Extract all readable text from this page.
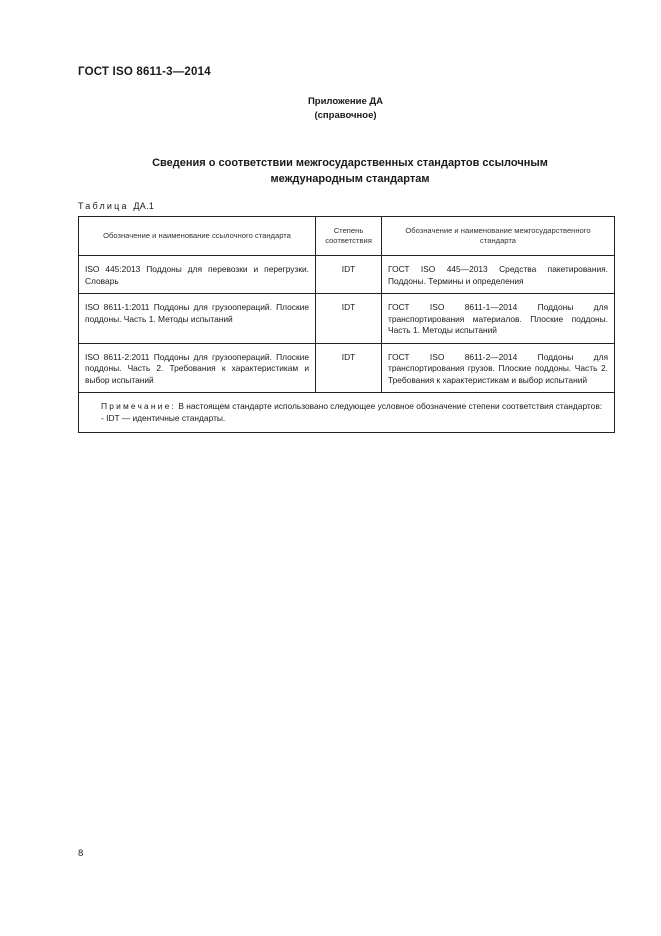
ГОСТ ISO 8611-3—2014
Приложение ДА
(справочное)
Сведения о соответствии межгосударственных стандартов ссылочным
международным стандартам
Таблица ДА.1
Обозначение и наименование ссылочного стандарта	Степень соответствия	Обозначение и наименование межгосударственного стандарта
ISO 445:2013 Поддоны для перевозки и перегрузки. Словарь	IDT	ГОСТ ISO 445—2013 Средства пакетирования. Поддоны. Термины и определения
ISO 8611-1:2011 Поддоны для грузоопераций. Плоские поддоны. Часть 1. Методы испытаний	IDT	ГОСТ ISO 8611-1—2014 Поддоны для транспортирования материалов. Плоские поддоны. Часть 1. Методы испытаний
ISO 8611-2:2011 Поддоны для грузоопераций. Плоские поддоны. Часть 2. Требования к характеристикам и выбор испытаний	IDT	ГОСТ ISO 8611-2—2014 Поддоны для транспортирования грузов. Плоские поддоны. Часть 2. Требования к характеристикам и выбор испытаний

Примечание: В настоящем стандарте использовано следующее условное обозначение степени соответствия стандартов:
- IDT — идентичные стандарты.		
8
